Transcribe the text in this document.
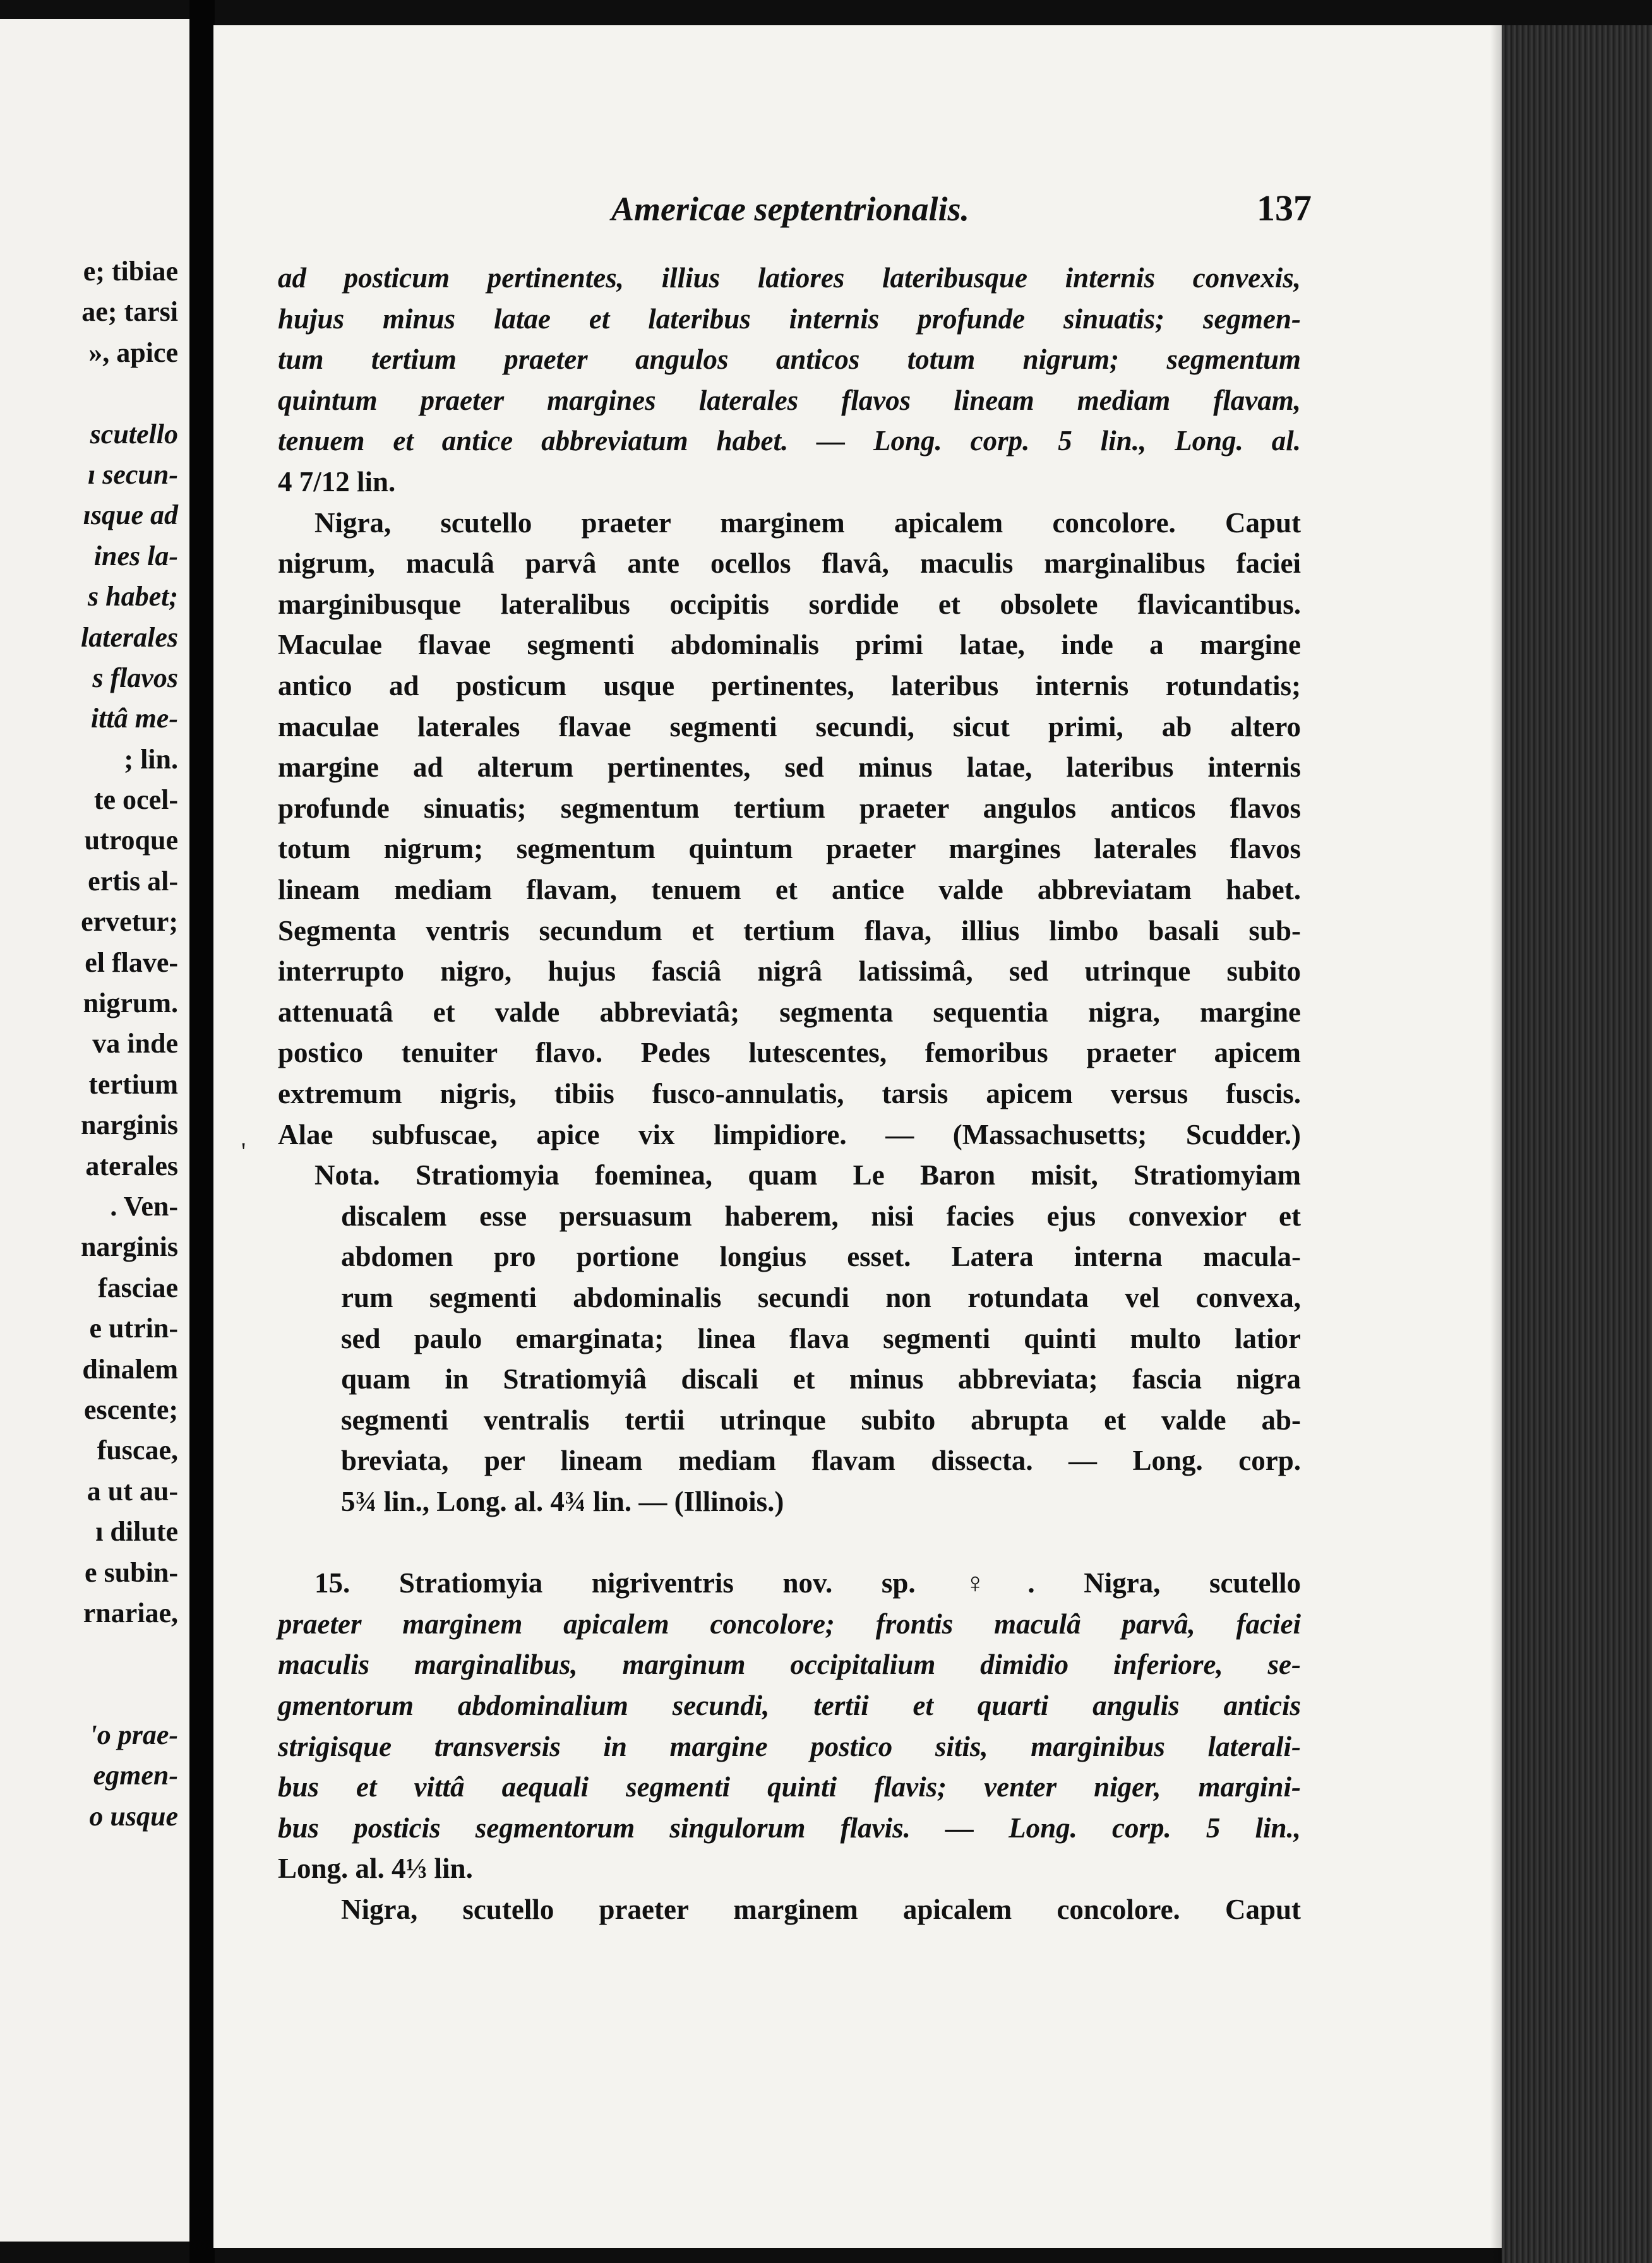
e; tibiae
ae; tarsi
», apice
scutello
ı secun-
ısque ad
ines la-
s habet;
laterales
s flavos
ittâ me-
; lin.
te ocel-
utroque
ertis al-
ervetur;
el flave-
nigrum.
va inde
tertium
narginis
aterales
. Ven-
narginis
fasciae
e utrin-
dinalem
escente;
fuscae,
a ut au-
ı dilute
e subin-
rnariae,
'o prae-
egmen-
o usque
Americae septentrionalis.	137
'
ad posticum pertinentes, illius latiores lateribusque internis convexis,
hujus minus latae et lateribus internis profunde sinuatis; segmen-
tum tertium praeter angulos anticos totum nigrum; segmentum
quintum praeter margines laterales flavos lineam mediam flavam,
tenuem et antice abbreviatum habet. — Long. corp. 5 lin., Long. al.
4 7/12 lin.
Nigra, scutello praeter marginem apicalem concolore. Caput
nigrum, maculâ parvâ ante ocellos flavâ, maculis marginalibus faciei
marginibusque lateralibus occipitis sordide et obsolete flavicantibus.
Maculae flavae segmenti abdominalis primi latae, inde a margine
antico ad posticum usque pertinentes, lateribus internis rotundatis;
maculae laterales flavae segmenti secundi, sicut primi, ab altero
margine ad alterum pertinentes, sed minus latae, lateribus internis
profunde sinuatis; segmentum tertium praeter angulos anticos flavos
totum nigrum; segmentum quintum praeter margines laterales flavos
lineam mediam flavam, tenuem et antice valde abbreviatam habet.
Segmenta ventris secundum et tertium flava, illius limbo basali sub-
interrupto nigro, hujus fasciâ nigrâ latissimâ, sed utrinque subito
attenuatâ et valde abbreviatâ; segmenta sequentia nigra, margine
postico tenuiter flavo. Pedes lutescentes, femoribus praeter apicem
extremum nigris, tibiis fusco-annulatis, tarsis apicem versus fuscis.
Alae subfuscae, apice vix limpidiore. — (Massachusetts; Scudder.)
Nota. Stratiomyia foeminea, quam Le Baron misit, Stratiomyiam
discalem esse persuasum haberem, nisi facies ejus convexior et
abdomen pro portione longius esset. Latera interna macula-
rum segmenti abdominalis secundi non rotundata vel convexa,
sed paulo emarginata; linea flava segmenti quinti multo latior
quam in Stratiomyiâ discali et minus abbreviata; fascia nigra
segmenti ventralis tertii utrinque subito abrupta et valde ab-
breviata, per lineam mediam flavam dissecta. — Long. corp.
5¾ lin., Long. al. 4¾ lin. — (Illinois.)
15. Stratiomyia nigriventris nov. sp. ♀. Nigra, scutello
praeter marginem apicalem concolore; frontis maculâ parvâ, faciei
maculis marginalibus, marginum occipitalium dimidio inferiore, se-
gmentorum abdominalium secundi, tertii et quarti angulis anticis
strigisque transversis in margine postico sitis, marginibus laterali-
bus et vittâ aequali segmenti quinti flavis; venter niger, margini-
bus posticis segmentorum singulorum flavis. — Long. corp. 5 lin.,
Long. al. 4⅓ lin.
Nigra, scutello praeter marginem apicalem concolore. Caput
